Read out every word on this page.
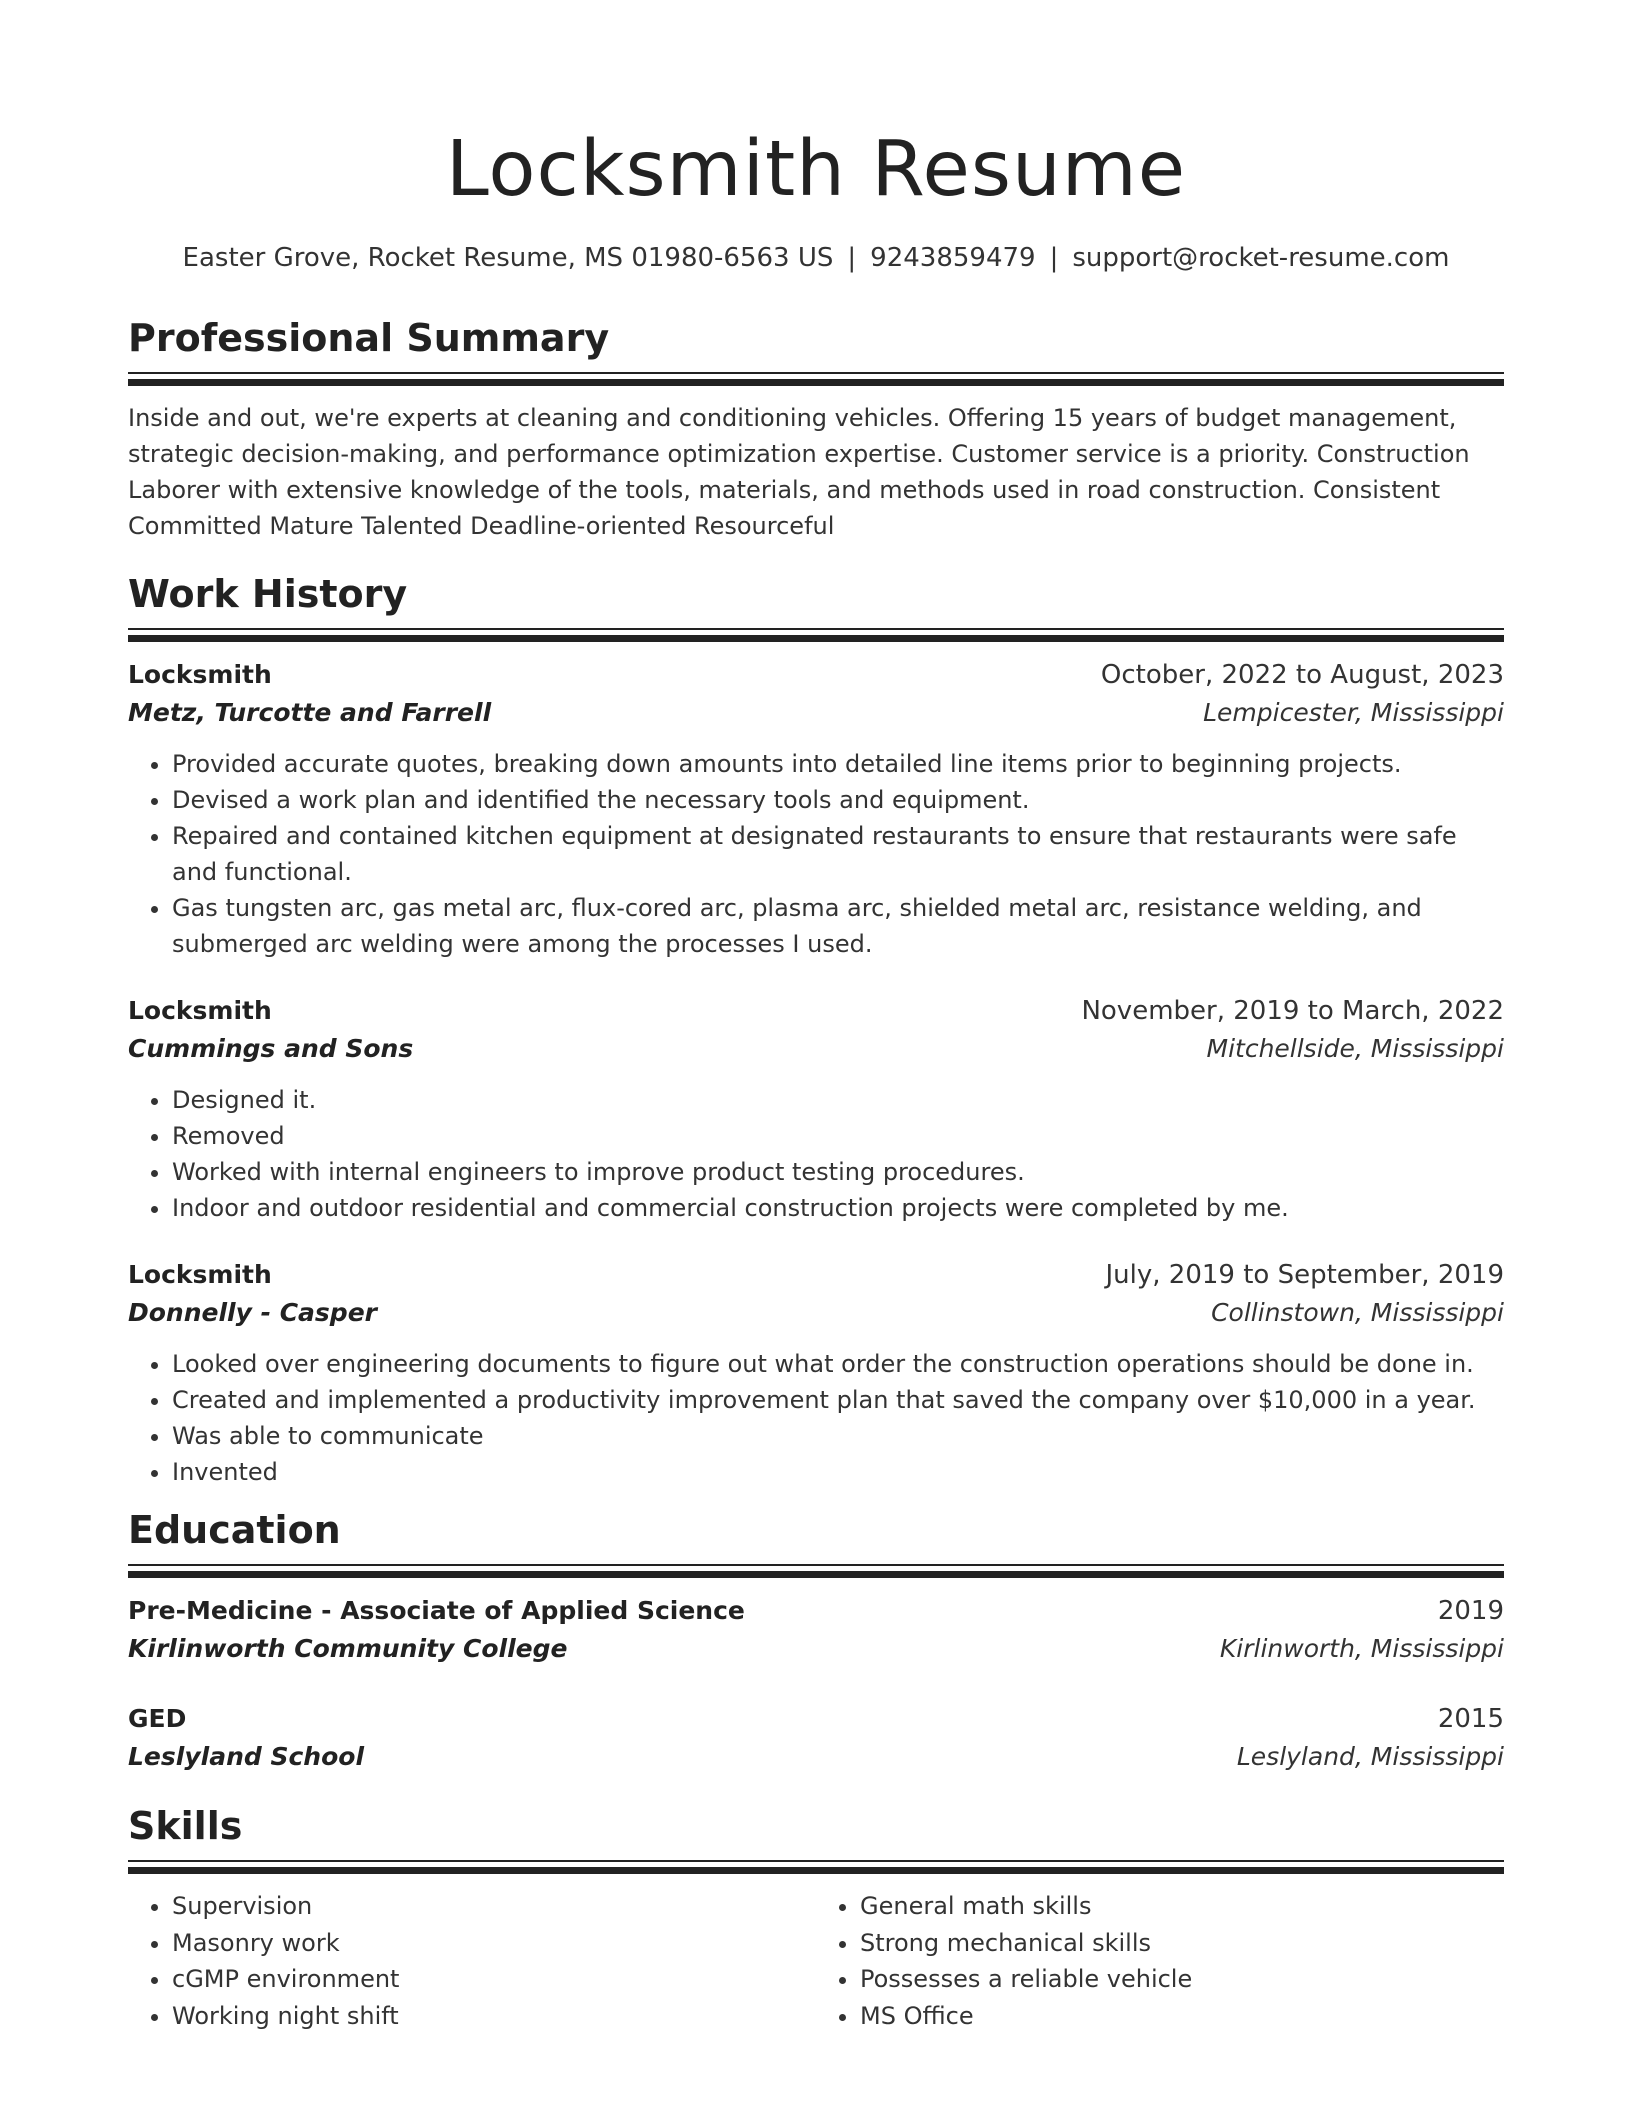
Locksmith Resume
Easter Grove, Rocket Resume, MS 01980-6563 US | 9243859479 | support@rocket-resume.com
Professional Summary
Inside and out, we're experts at cleaning and conditioning vehicles. Offering 15 years of budget management, strategic decision-making, and performance optimization expertise. Customer service is a priority. Construction Laborer with extensive knowledge of the tools, materials, and methods used in road construction. Consistent Committed Mature Talented Deadline-oriented Resourceful
Work History
Locksmith	October, 2022 to August, 2023
Metz, Turcotte and Farrell	Lempicester, Mississippi
• Provided accurate quotes, breaking down amounts into detailed line items prior to beginning projects.
• Devised a work plan and identified the necessary tools and equipment.
• Repaired and contained kitchen equipment at designated restaurants to ensure that restaurants were safe and functional.
• Gas tungsten arc, gas metal arc, flux-cored arc, plasma arc, shielded metal arc, resistance welding, and submerged arc welding were among the processes I used.
Locksmith	November, 2019 to March, 2022
Cummings and Sons	Mitchellside, Mississippi
• Designed it.
• Removed
• Worked with internal engineers to improve product testing procedures.
• Indoor and outdoor residential and commercial construction projects were completed by me.
Locksmith	July, 2019 to September, 2019
Donnelly - Casper	Collinstown, Mississippi
• Looked over engineering documents to figure out what order the construction operations should be done in.
• Created and implemented a productivity improvement plan that saved the company over $10,000 in a year.
• Was able to communicate
• Invented
Education
Pre-Medicine - Associate of Applied Science	2019
Kirlinworth Community College	Kirlinworth, Mississippi
GED	2015
Leslyland School	Leslyland, Mississippi
Skills
• Supervision
• Masonry work
• cGMP environment
• Working night shift
• General math skills
• Strong mechanical skills
• Possesses a reliable vehicle
• MS Office
